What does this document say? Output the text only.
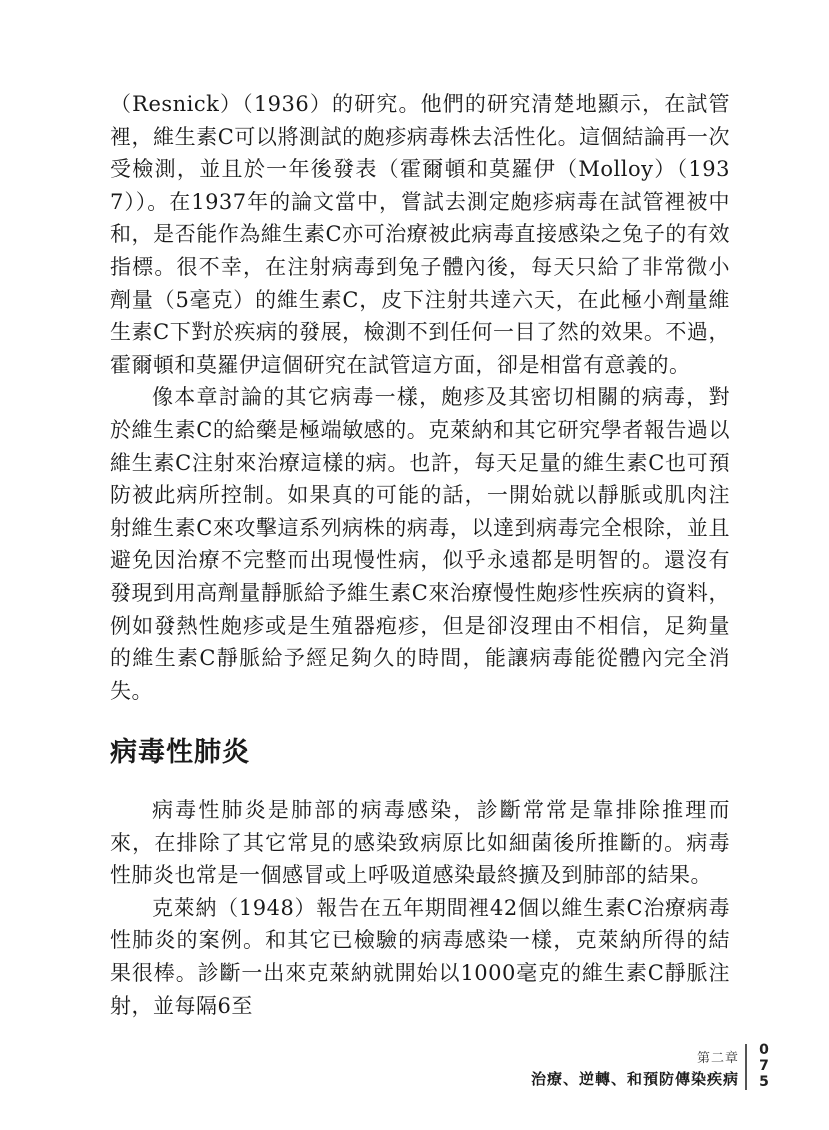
（Resnick）（1936）的研究。他們的研究清楚地顯示，在試管裡，維生素C可以將測試的皰疹病毒株去活性化。這個結論再一次受檢測，並且於一年後發表（霍爾頓和莫羅伊（Molloy）（1937））。在1937年的論文當中，嘗試去測定皰疹病毒在試管裡被中和，是否能作為維生素C亦可治療被此病毒直接感染之兔子的有效指標。很不幸，在注射病毒到兔子體內後，每天只給了非常微小劑量（5毫克）的維生素C，皮下注射共達六天，在此極小劑量維生素C下對於疾病的發展，檢測不到任何一目了然的效果。不過，霍爾頓和莫羅伊這個研究在試管這方面，卻是相當有意義的。

像本章討論的其它病毒一樣，皰疹及其密切相關的病毒，對於維生素C的給藥是極端敏感的。克萊納和其它研究學者報告過以維生素C注射來治療這樣的病。也許，每天足量的維生素C也可預防被此病所控制。如果真的可能的話，一開始就以靜脈或肌肉注射維生素C來攻擊這系列病株的病毒，以達到病毒完全根除，並且避免因治療不完整而出現慢性病，似乎永遠都是明智的。還沒有發現到用高劑量靜脈給予維生素C來治療慢性皰疹性疾病的資料，例如發熱性皰疹或是生殖器疱疹，但是卻沒理由不相信，足夠量的維生素C靜脈給予經足夠久的時間，能讓病毒能從體內完全消失。

病毒性肺炎

病毒性肺炎是肺部的病毒感染，診斷常常是靠排除推理而來，在排除了其它常見的感染致病原比如細菌後所推斷的。病毒性肺炎也常是一個感冒或上呼吸道感染最終擴及到肺部的結果。

克萊納（1948）報告在五年期間裡42個以維生素C治療病毒性肺炎的案例。和其它已檢驗的病毒感染一樣，克萊納所得的結果很棒。診斷一出來克萊納就開始以1000毫克的維生素C靜脈注射，並每隔6至

第二章
治療、逆轉、和預防傳染疾病
0
7
5
